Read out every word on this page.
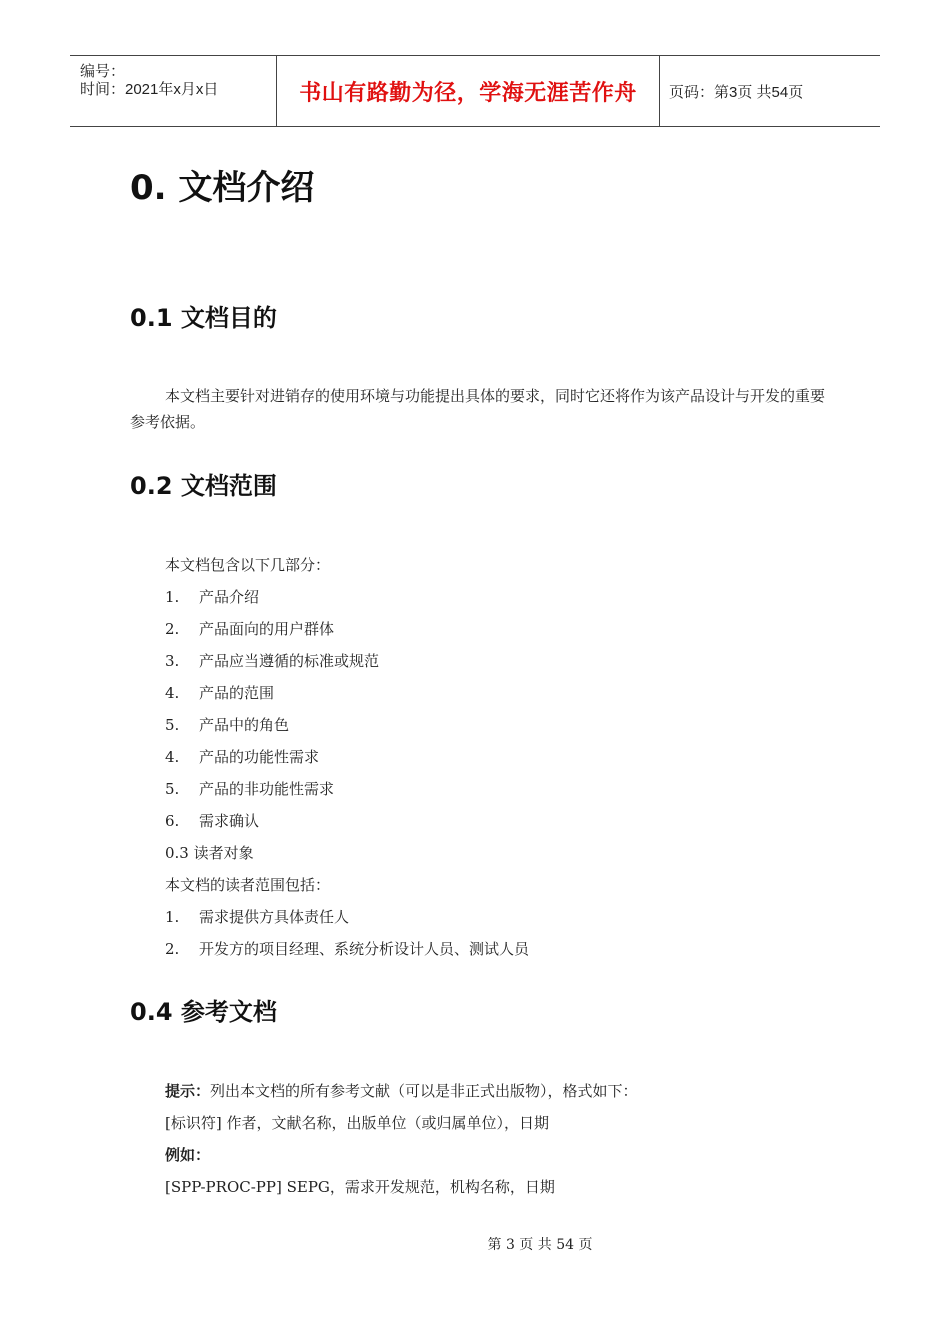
编号：
时间：2021年x月x日	书山有路勤为径，学海无涯苦作舟	页码：第3页 共54页
0. 文档介绍
0.1 文档目的
本文档主要针对进销存的使用环境与功能提出具体的要求，同时它还将作为该产品设计与开发的重要参考依据。
0.2 文档范围
本文档包含以下几部分：
1. 产品介绍
2. 产品面向的用户群体
3. 产品应当遵循的标准或规范
4. 产品的范围
5. 产品中的角色
4. 产品的功能性需求
5. 产品的非功能性需求
6. 需求确认
0.3 读者对象
本文档的读者范围包括：
1. 需求提供方具体责任人
2. 开发方的项目经理、系统分析设计人员、测试人员
0.4 参考文档
提示：列出本文档的所有参考文献（可以是非正式出版物），格式如下：
[标识符] 作者，文献名称，出版单位（或归属单位），日期
例如：
[SPP-PROC-PP] SEPG，需求开发规范，机构名称，日期
第 3 页 共 54 页
